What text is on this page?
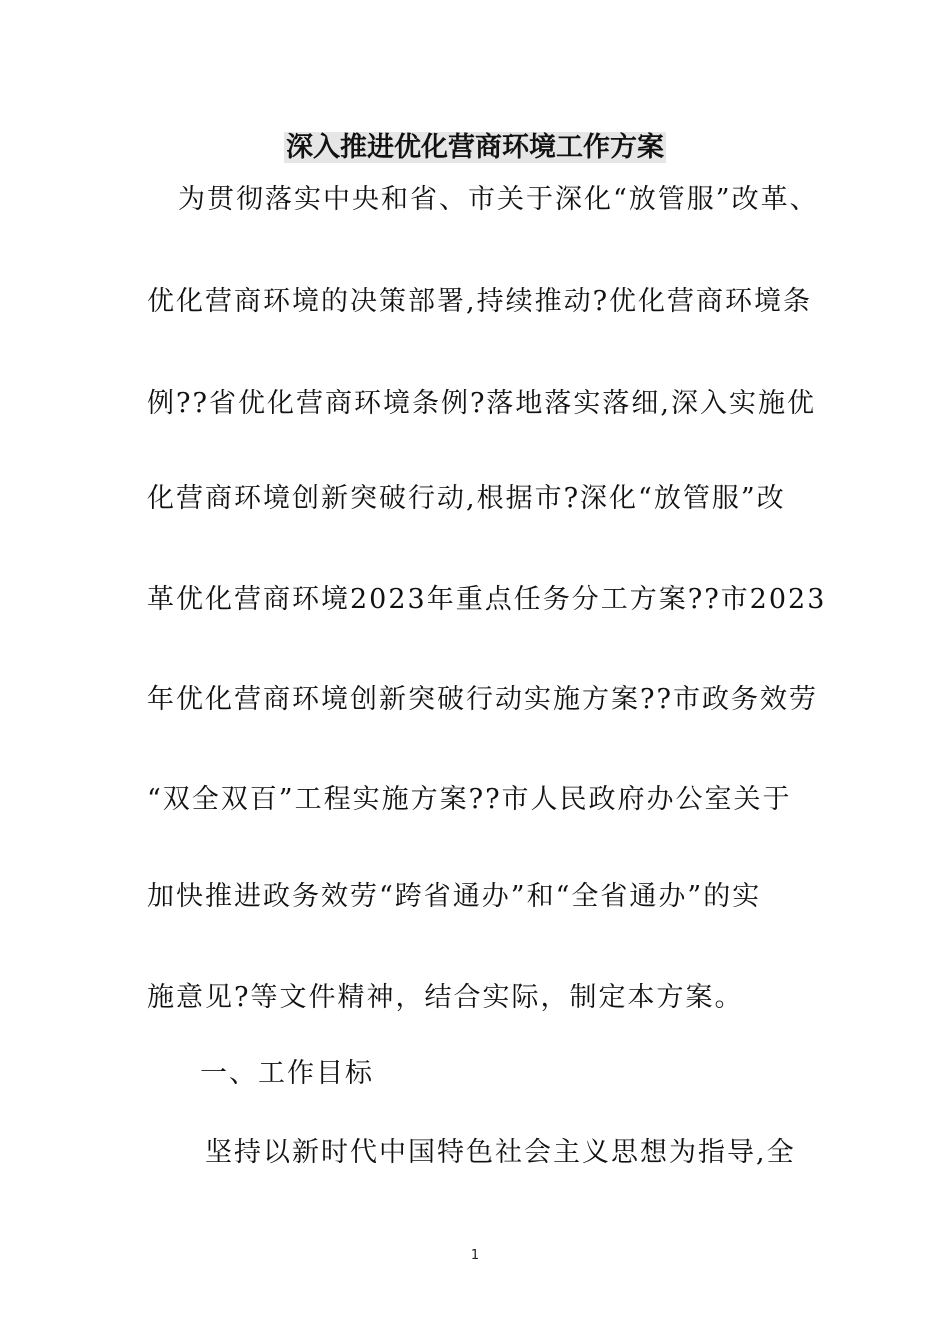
深入推进优化营商环境工作方案

为贯彻落实中央和省、市关于深化“放管服”改革、

优化营商环境的决策部署,持续推动?优化营商环境条

例??省优化营商环境条例?落地落实落细,深入实施优

化营商环境创新突破行动,根据市?深化“放管服”改

革优化营商环境2023年重点任务分工方案??市2023

年优化营商环境创新突破行动实施方案??市政务效劳

“双全双百”工程实施方案??市人民政府办公室关于

加快推进政务效劳“跨省通办”和“全省通办”的实

施意见?等文件精神，结合实际，制定本方案。

一、工作目标

坚持以新时代中国特色社会主义思想为指导,全

1
